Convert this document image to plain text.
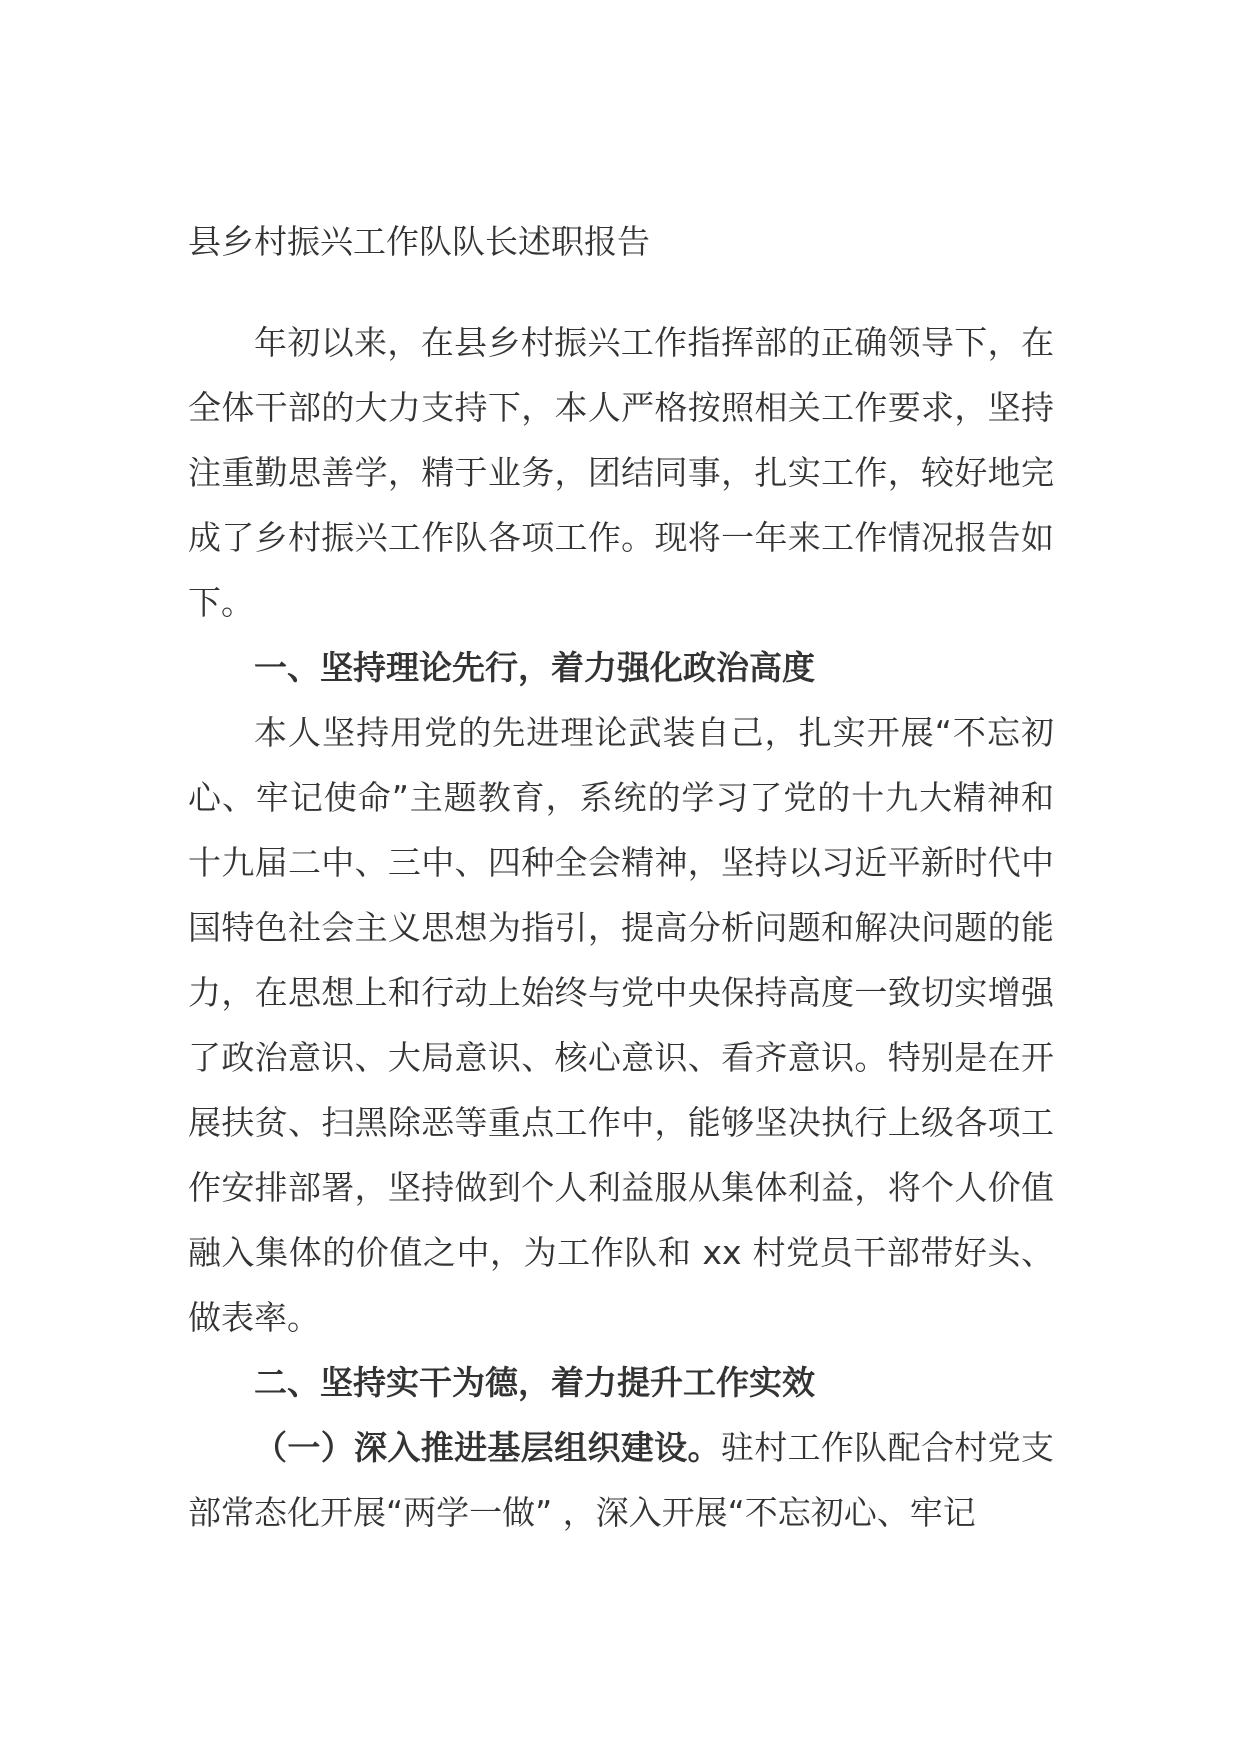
县乡村振兴工作队队长述职报告

年初以来，在县乡村振兴工作指挥部的正确领导下，在全体干部的大力支持下，本人严格按照相关工作要求，坚持注重勤思善学，精于业务，团结同事，扎实工作，较好地完成了乡村振兴工作队各项工作。现将一年来工作情况报告如下。

一、坚持理论先行，着力强化政治高度

本人坚持用党的先进理论武装自己，扎实开展“不忘初心、牢记使命”主题教育，系统的学习了党的十九大精神和十九届二中、三中、四种全会精神，坚持以习近平新时代中国特色社会主义思想为指引，提高分析问题和解决问题的能力，在思想上和行动上始终与党中央保持高度一致切实增强了政治意识、大局意识、核心意识、看齐意识。特别是在开展扶贫、扫黑除恶等重点工作中，能够坚决执行上级各项工作安排部署，坚持做到个人利益服从集体利益，将个人价值融入集体的价值之中，为工作队和 xx 村党员干部带好头、做表率。

二、坚持实干为德，着力提升工作实效

（一）深入推进基层组织建设。驻村工作队配合村党支部常态化开展“两学一做” ，深入开展“不忘初心、牢记
